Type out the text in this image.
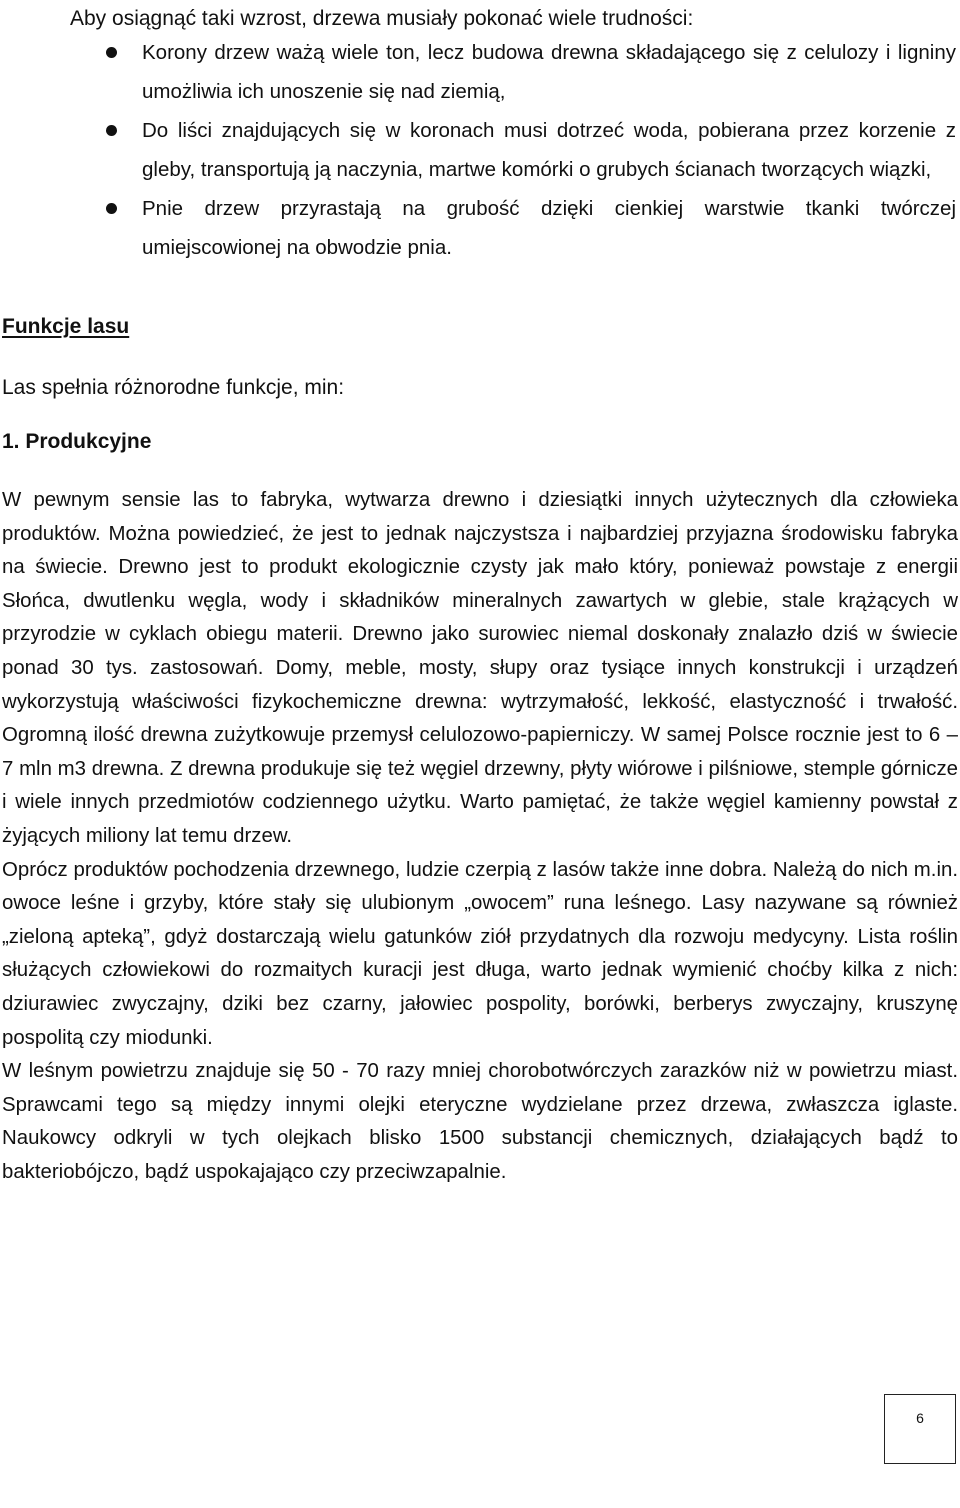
Aby osiągnąć taki wzrost, drzewa musiały pokonać wiele trudności:
Korony drzew ważą wiele ton, lecz budowa drewna składającego się z celulozy i ligniny umożliwia ich unoszenie się nad ziemią,
Do liści znajdujących się w koronach musi dotrzeć woda, pobierana przez korzenie z gleby, transportują ją naczynia, martwe komórki o grubych ścianach tworzących wiązki,
Pnie drzew przyrastają na grubość dzięki cienkiej warstwie tkanki twórczej umiejscowionej na obwodzie pnia.
Funkcje lasu
Las spełnia różnorodne funkcje, min:
1. Produkcyjne

W pewnym sensie las to fabryka, wytwarza drewno i dziesiątki innych użytecznych dla człowieka produktów. Można powiedzieć, że jest to jednak najczystsza i najbardziej przyjazna środowisku fabryka na świecie. Drewno jest to produkt ekologicznie czysty jak mało który, ponieważ powstaje z energii Słońca, dwutlenku węgla, wody i składników mineralnych zawartych w glebie, stale krążących w przyrodzie w cyklach obiegu materii. Drewno jako surowiec niemal doskonały znalazło dziś w świecie ponad 30 tys. zastosowań. Domy, meble, mosty, słupy oraz tysiące innych konstrukcji i urządzeń wykorzystują właściwości fizykochemiczne drewna: wytrzymałość, lekkość, elastyczność i trwałość. Ogromną ilość drewna zużytkowuje przemysł celulozowo-papierniczy. W samej Polsce rocznie jest to 6 – 7 mln m3 drewna. Z drewna produkuje się też węgiel drzewny, płyty wiórowe i pilśniowe, stemple górnicze i wiele innych przedmiotów codziennego użytku. Warto pamiętać, że także węgiel kamienny powstał z żyjących miliony lat temu drzew.

Oprócz produktów pochodzenia drzewnego, ludzie czerpią z lasów także inne dobra. Należą do nich m.in. owoce leśne i grzyby, które stały się ulubionym „owocem” runa leśnego. Lasy nazywane są również „zieloną apteką”, gdyż dostarczają wielu gatunków ziół przydatnych dla rozwoju medycyny. Lista roślin służących człowiekowi do rozmaitych kuracji jest długa, warto jednak wymienić choćby kilka z nich: dziurawiec zwyczajny, dziki bez czarny, jałowiec pospolity, borówki, berberys zwyczajny, kruszynę pospolitą czy miodunki.

W leśnym powietrzu znajduje się 50 - 70 razy mniej chorobotwórczych zarazków niż w powietrzu miast. Sprawcami tego są między innymi olejki eteryczne wydzielane przez drzewa, zwłaszcza iglaste. Naukowcy odkryli w tych olejkach blisko 1500 substancji chemicznych, działających bądź to bakteriobójczo, bądź uspokajająco czy przeciwzapalnie.

6
